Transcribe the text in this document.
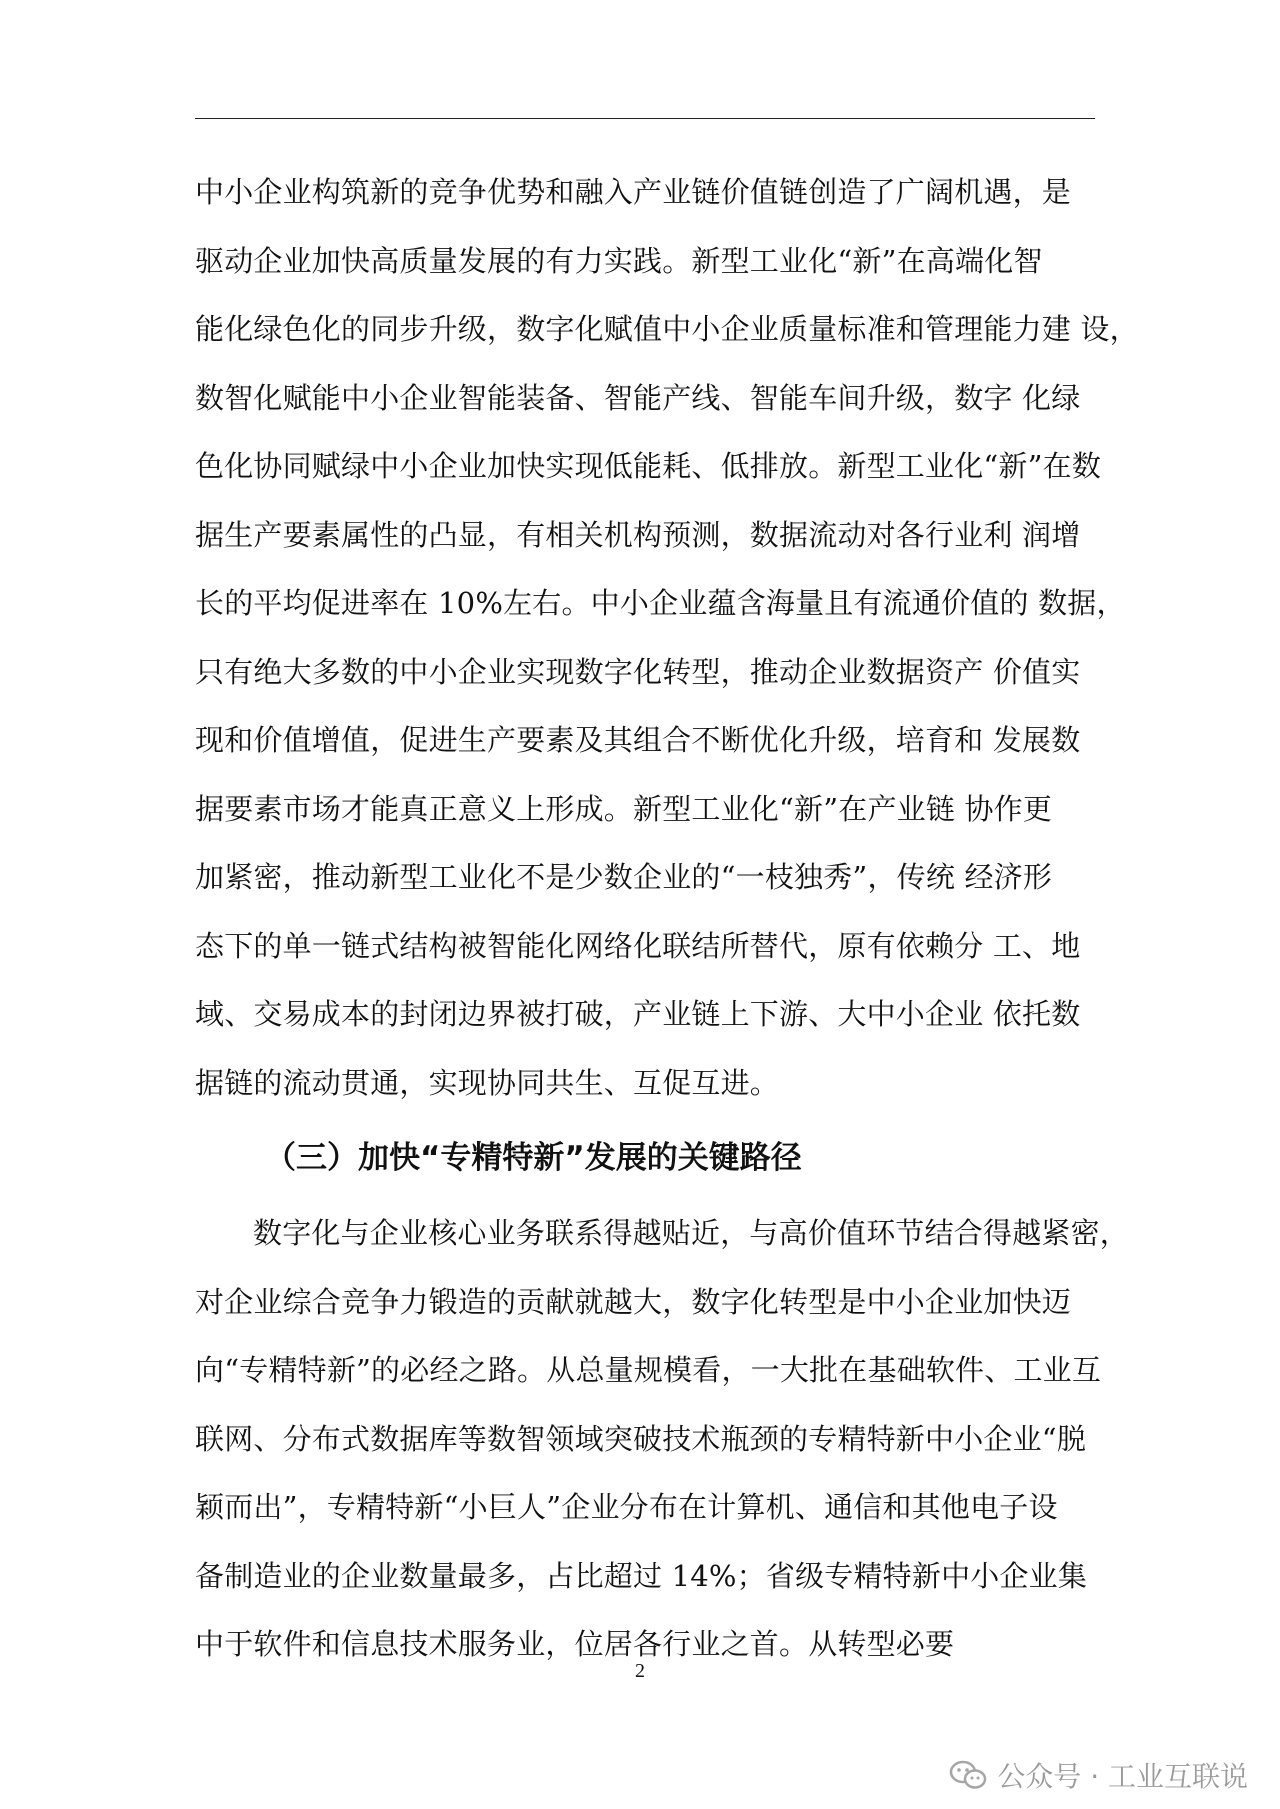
中小企业构筑新的竞争优势和融入产业链价值链创造了广阔机遇，是
驱动企业加快高质量发展的有力实践。新型工业化“新”在高端化智
能化绿色化的同步升级，数字化赋值中小企业质量标准和管理能力建 设，
数智化赋能中小企业智能装备、智能产线、智能车间升级，数字 化绿
色化协同赋绿中小企业加快实现低能耗、低排放。新型工业化“新”在数
据生产要素属性的凸显，有相关机构预测，数据流动对各行业利 润增
长的平均促进率在 10%左右。中小企业蕴含海量且有流通价值的 数据，
只有绝大多数的中小企业实现数字化转型，推动企业数据资产 价值实
现和价值增值，促进生产要素及其组合不断优化升级，培育和 发展数
据要素市场才能真正意义上形成。新型工业化“新”在产业链 协作更
加紧密，推动新型工业化不是少数企业的“一枝独秀”，传统 经济形
态下的单一链式结构被智能化网络化联结所替代，原有依赖分 工、地
域、交易成本的封闭边界被打破，产业链上下游、大中小企业 依托数
据链的流动贯通，实现协同共生、互促互进。
（三）加快“专精特新”发展的关键路径
数字化与企业核心业务联系得越贴近，与高价值环节结合得越紧密，
对企业综合竞争力锻造的贡献就越大，数字化转型是中小企业加快迈
向“专精特新”的必经之路。从总量规模看，一大批在基础软件、工业互
联网、分布式数据库等数智领域突破技术瓶颈的专精特新中小企业“脱
颖而出”，专精特新“小巨人”企业分布在计算机、通信和其他电子设
备制造业的企业数量最多，占比超过 14%；省级专精特新中小企业集
中于软件和信息技术服务业，位居各行业之首。从转型必要
2
公众号 · 工业互联说
